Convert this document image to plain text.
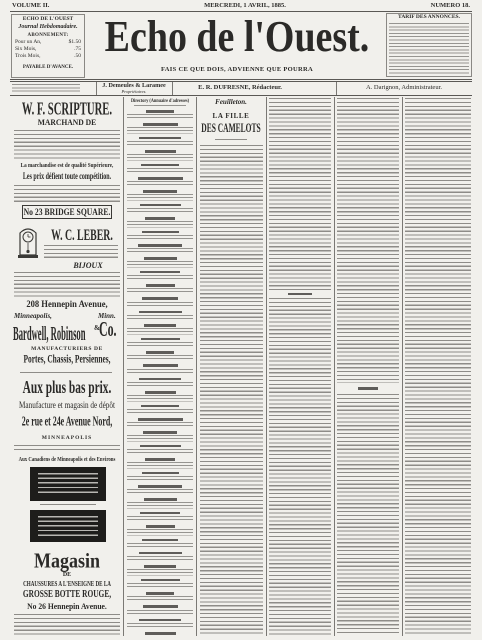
VOLUME II.	MERCREDI, 1 AVRIL, 1885.	NUMERO 18.
ECHO DE L'OUEST
Journal Hebdomadaire.
ABONNEMENT:
Pour un An,	$1.50
Six Mois,	.75
Trois Mois,	.50
PAYABLE D'AVANCE.
Echo de l'Ouest.
FAIS CE QUE DOIS, ADVIENNE QUE POURRA
TARIF DES ANNONCES.
J. Demeules & Laramee
Propriétaires.
E. R. DUFRESNE, Rédacteur.	A. Darignon, Administrateur.
W. F. SCRIPTURE.
MARCHAND DE
La marchandise est de qualité Supérieure,
Les prix défient toute compétition.
No 23 BRIDGE SQUARE.
W. C. LEBER.
BIJOUX
208 Hennepin Avenue,
Minneapolis,	Minn.
Bardwell, Robinson & Co.
MANUFACTURIERS DE
Portes, Chassis, Persiennes,
Aux plus bas prix.
Manufacture et magasin de dépôt
2e rue et 24e Avenue Nord,
MINNEAPOLIS
Aux Canadiens de Minneapolis et des Environs
Magasin
DE
CHAUSSURES A L'ENSEIGNE DE LA
GROSSE BOTTE ROUGE,
No 26 Hennepin Avenue.
Directory (Annuaire d'adresses)	Feuilleton.
LA FILLE
DES CAMELOTS
